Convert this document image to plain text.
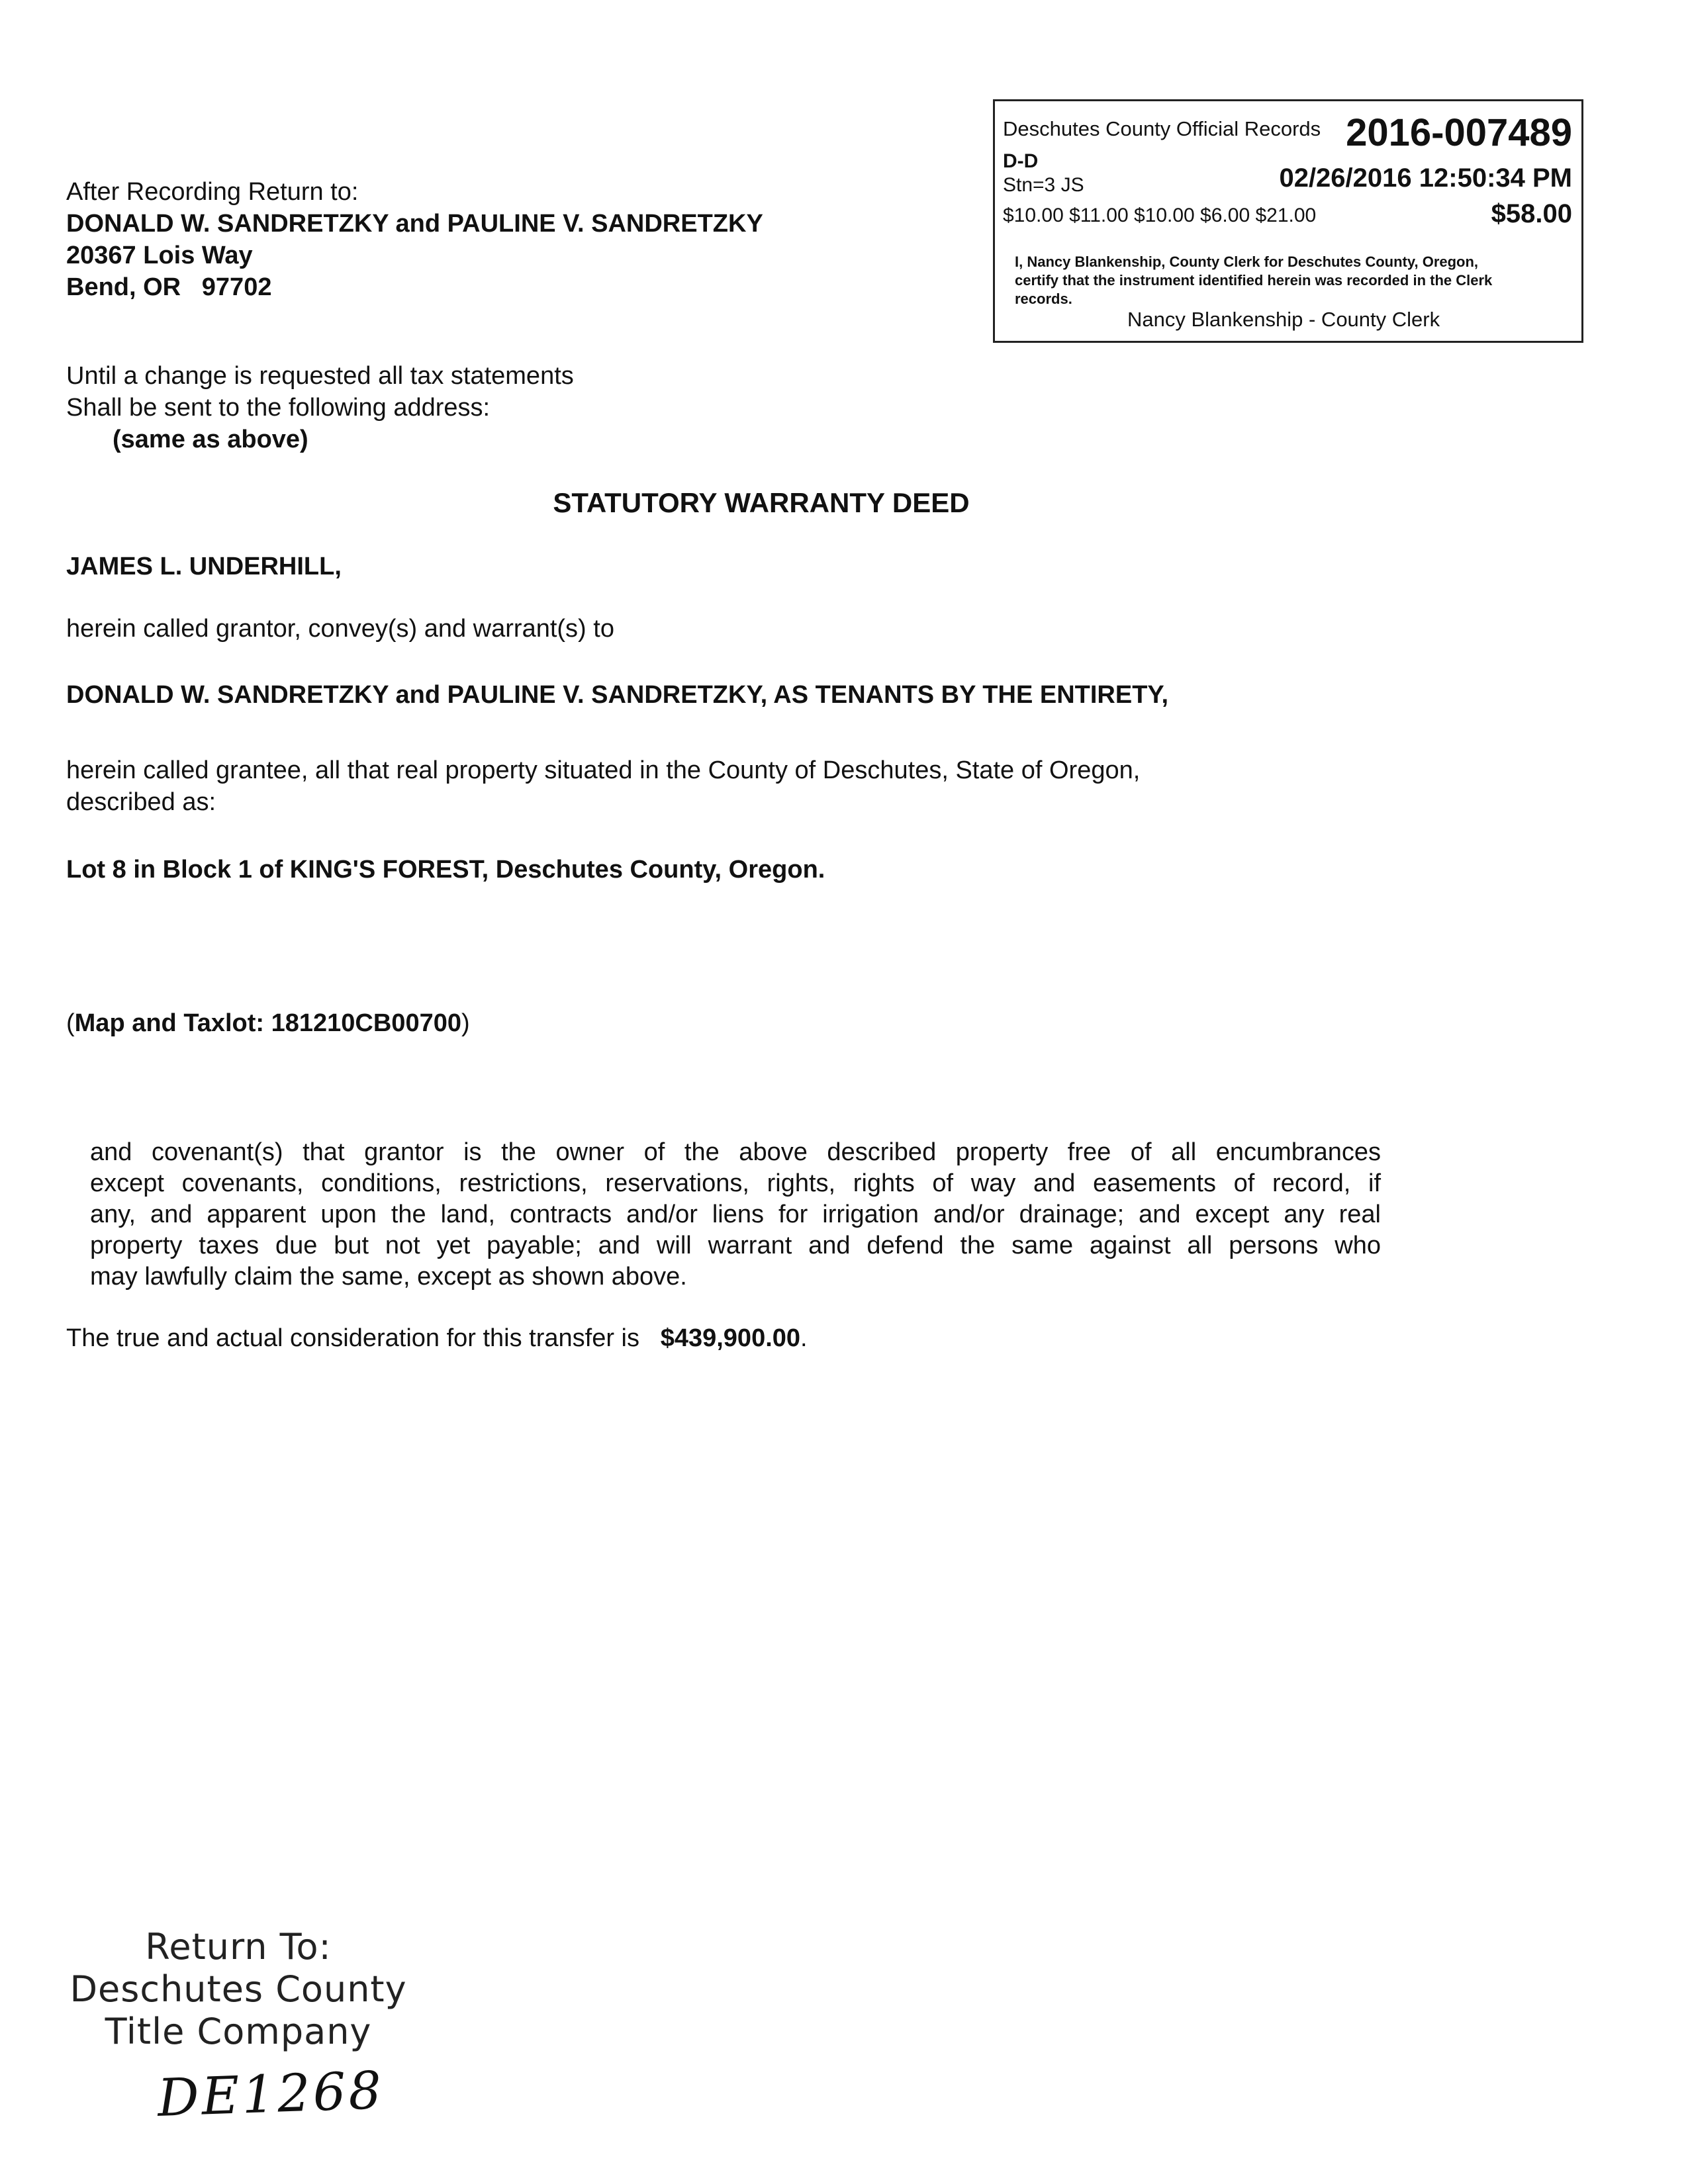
After Recording Return to:
DONALD W. SANDRETZKY and PAULINE V. SANDRETZKY
20367 Lois Way
Bend, OR   97702
Deschutes County Official Records 2016-007489
D-D
Stn=3 JS	02/26/2016 12:50:34 PM
$10.00 $11.00 $10.00 $6.00 $21.00	$58.00
I, Nancy Blankenship, County Clerk for Deschutes County, Oregon,
certify that the instrument identified herein was recorded in the Clerk
records.
Nancy Blankenship - County Clerk
Until a change is requested all tax statements
Shall be sent to the following address:
(same as above)
STATUTORY WARRANTY DEED
JAMES L. UNDERHILL,
herein called grantor, convey(s) and warrant(s) to
DONALD W. SANDRETZKY and PAULINE V. SANDRETZKY, AS TENANTS BY THE ENTIRETY,
herein called grantee, all that real property situated in the County of Deschutes, State of Oregon,
described as:
Lot 8 in Block 1 of KING'S FOREST, Deschutes County, Oregon.
(Map and Taxlot: 181210CB00700)
and covenant(s) that grantor is the owner of the above described property free of all encumbrances
except covenants, conditions, restrictions, reservations, rights, rights of way and easements of record, if
any, and apparent upon the land, contracts and/or liens for irrigation and/or drainage; and except any real
property taxes due but not yet payable; and will warrant and defend the same against all persons who
may lawfully claim the same, except as shown above.
The true and actual consideration for this transfer is $439,900.00.
Return To:
Deschutes County
Title Company
DE1268
